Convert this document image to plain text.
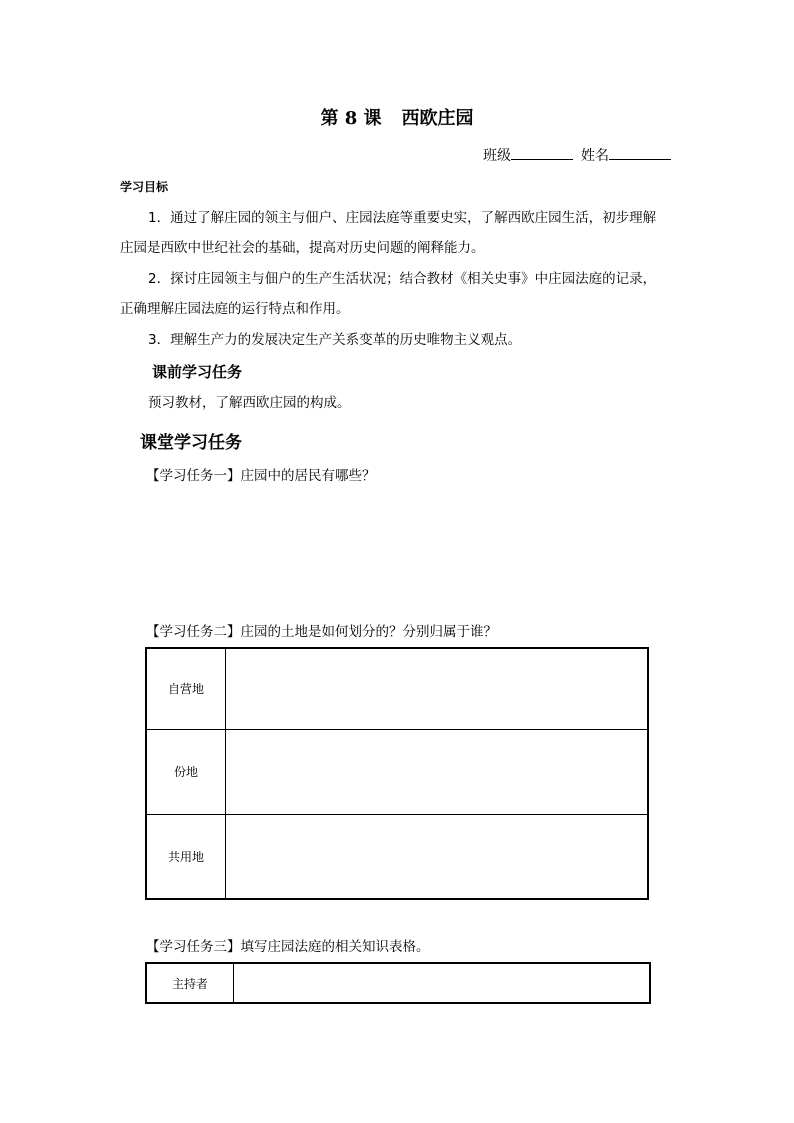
第 8 课 西欧庄园
班级	姓名
学习目标
1．通过了解庄园的领主与佃户、庄园法庭等重要史实，了解西欧庄园生活，初步理解
庄园是西欧中世纪社会的基础，提高对历史问题的阐释能力。
2．探讨庄园领主与佃户的生产生活状况；结合教材《相关史事》中庄园法庭的记录，
正确理解庄园法庭的运行特点和作用。
3．理解生产力的发展决定生产关系变革的历史唯物主义观点。
课前学习任务
预习教材，了解西欧庄园的构成。
课堂学习任务
【学习任务一】庄园中的居民有哪些？
【学习任务二】庄园的土地是如何划分的？分别归属于谁？
自营地	
份地	
共用地	
【学习任务三】填写庄园法庭的相关知识表格。
主持者	
